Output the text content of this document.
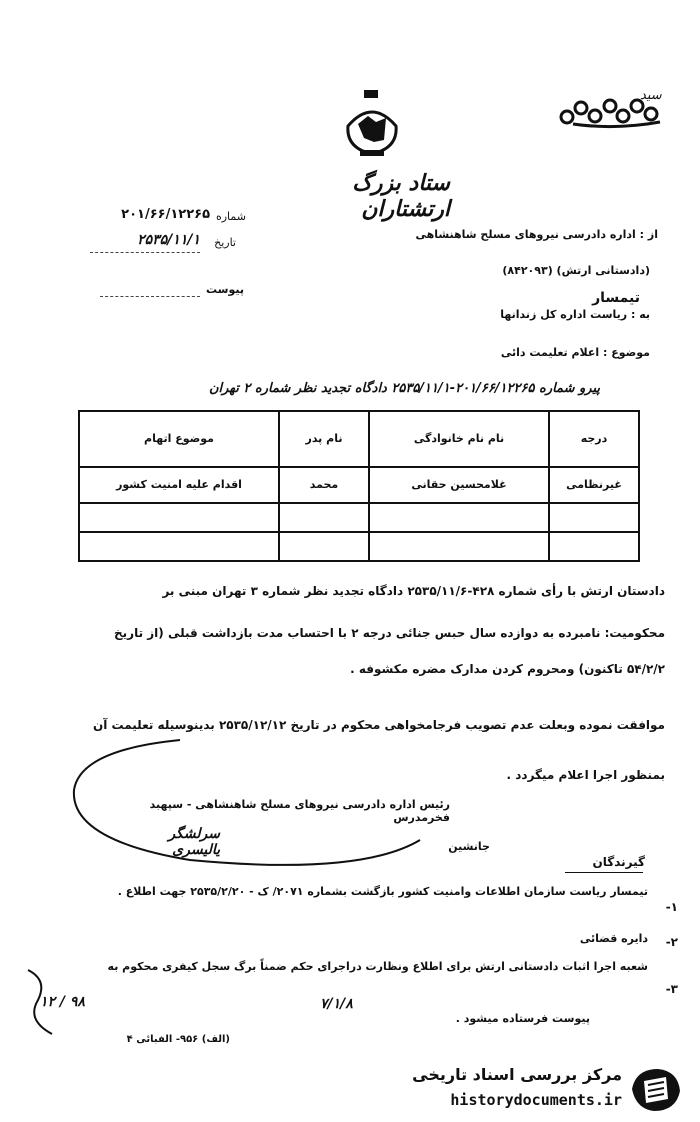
سید
ستاد بزرگ ارتشتاران
شماره
۲۰۱/۶۶/۱۲۲۶۵
تاریخ
۲۵۳۵/۱۱/۱
پیوست
از : اداره دادرسی نیروهای مسلح شاهنشاهی
(دادستانی ارتش) (۸۴۲۰۹۳)
تیمسار
به : ریاست اداره کل زندانها
موضوع : اعلام تعلیمت دائی
پیرو شماره ۲۰۱/۶۶/۱۲۲۶۵-۲۵۳۵/۱۱/۱ دادگاه تجدید نظر شماره ۲ تهران
درجه	نام نام خانوادگی	نام پدر	موضوع اتهام
غیرنظامی	غلامحسین حقانی	محمد	اقدام علیه امنیت کشور

دادستان ارتش با رأی شماره ۴۲۸-۲۵۳۵/۱۱/۶ دادگاه تجدید نظر شماره ۳ تهران مبنی بر
محکومیت: نامبرده به دوازده سال حبس جنائی درجه ۲ با احتساب مدت بازداشت قبلی (از تاریخ
۵۴/۲/۲ تاکنون) ومحروم کردن مدارک مضره مکشوفه .
موافقت نموده وبعلت عدم تصویب فرجامخواهی محکوم در تاریخ ۲۵۳۵/۱۲/۱۲ بدینوسیله تعلیمت آن
بمنظور اجرا اعلام میگردد .
رئیس اداره دادرسی نیروهای مسلح شاهنشاهی - سپهبد فخرمدرس
سرلشگر یالیسری	جانشین
گیرندگان
۱-
تیمسار ریاست سازمان اطلاعات وامنیت کشور بازگشت بشماره ۲۰۷۱/ ک - ۲۵۳۵/۲/۲۰ جهت اطلاع .
۲-
دایره قضائی
۳-
شعبه اجرا اثبات دادستانی ارتش برای اطلاع ونظارت دراجرای حکم ضمناً برگ سجل کیفری محکوم به
پیوست فرستاده میشود .
۷/۱/۸
۱۲ / ۹۸
(الف) ۹۵۶- الفبائی ۴
مرکز بررسی اسناد تاریخی
historydocuments.ir
